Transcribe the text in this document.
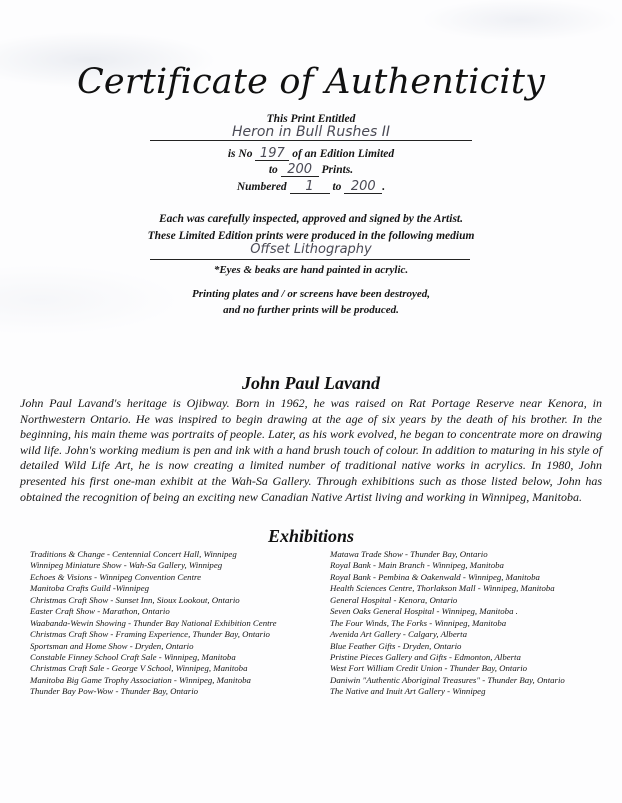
Certificate of Authenticity
This Print Entitled
Heron in Bull Rushes II
is No 197 of an Edition Limited
to 200 Prints.
Numbered 1 to 200 .
Each was carefully inspected, approved and signed by the Artist.
These Limited Edition prints were produced in the following medium
Offset Lithography
*Eyes & beaks are hand painted in acrylic.
Printing plates and / or screens have been destroyed,
and no further prints will be produced.
John Paul Lavand
John Paul Lavand's heritage is Ojibway. Born in 1962, he was raised on Rat Portage Reserve near Kenora, in Northwestern Ontario. He was inspired to begin drawing at the age of six years by the death of his brother. In the beginning, his main theme was portraits of people. Later, as his work evolved, he began to concentrate more on drawing wild life. John's working medium is pen and ink with a hand brush touch of colour. In addition to maturing in his style of detailed Wild Life Art, he is now creating a limited number of traditional native works in acrylics. In 1980, John presented his first one-man exhibit at the Wah-Sa Gallery. Through exhibitions such as those listed below, John has obtained the recognition of being an exciting new Canadian Native Artist living and working in Winnipeg, Manitoba.
Exhibitions
Traditions & Change - Centennial Concert Hall, Winnipeg
Winnipeg Miniature Show - Wah-Sa Gallery, Winnipeg
Echoes & Visions - Winnipeg Convention Centre
Manitoba Crafts Guild -Winnipeg
Christmas Craft Show - Sunset Inn, Sioux Lookout, Ontario
Easter Craft Show - Marathon, Ontario
Waabanda-Wewin Showing - Thunder Bay National Exhibition Centre
Christmas Craft Show - Framing Experience, Thunder Bay, Ontario
Sportsman and Home Show - Dryden, Ontario
Constable Finney School Craft Sale - Winnipeg, Manitoba
Christmas Craft Sale - George V School, Winnipeg, Manitoba
Manitoba Big Game Trophy Association - Winnipeg, Manitoba
Thunder Bay Pow-Wow - Thunder Bay, Ontario
Matawa Trade Show - Thunder Bay, Ontario
Royal Bank - Main Branch - Winnipeg, Manitoba
Royal Bank - Pembina & Oakenwald - Winnipeg, Manitoba
Health Sciences Centre, Thorlakson Mall - Winnipeg, Manitoba
General Hospital - Kenora, Ontario
Seven Oaks General Hospital - Winnipeg, Manitoba .
The Four Winds, The Forks - Winnipeg, Manitoba
Avenida Art Gallery - Calgary, Alberta
Blue Feather Gifts - Dryden, Ontario
Pristine Pieces Gallery and Gifts - Edmonton, Alberta
West Fort William Credit Union - Thunder Bay, Ontario
Daniwin "Authentic Aboriginal Treasures" - Thunder Bay, Ontario
The Native and Inuit Art Gallery - Winnipeg
